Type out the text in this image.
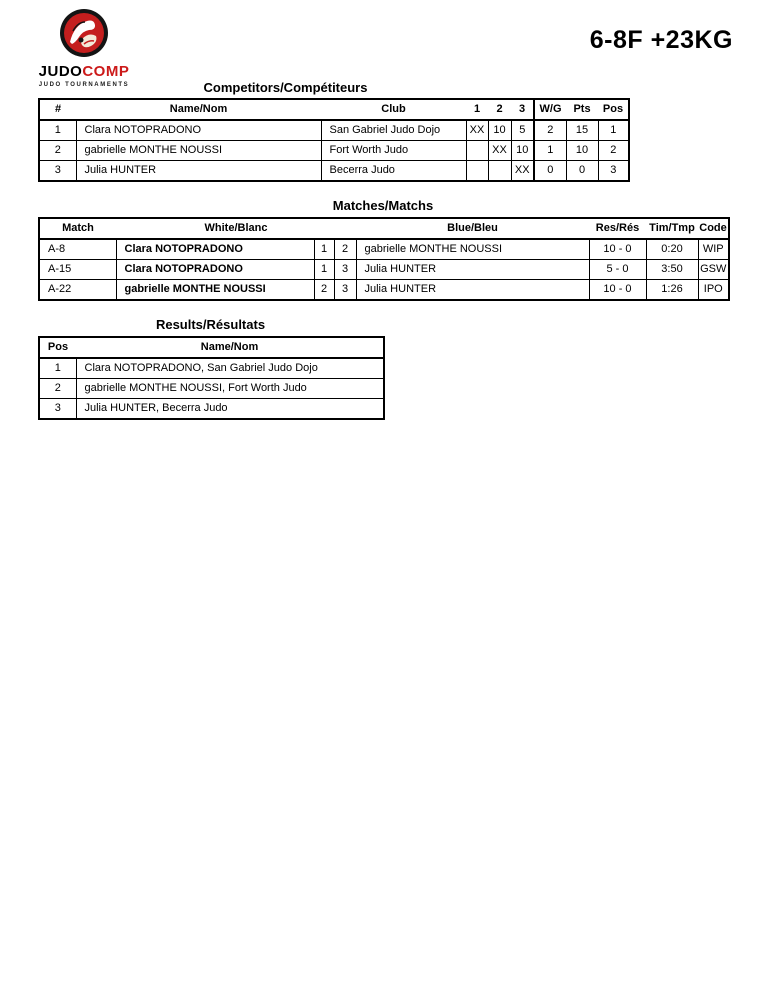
JUDOCOMP
JUDO TOURNAMENTS
6-8F +23KG
Competitors/Compétiteurs
#	Name/Nom	Club	1	2	3	W/G	Pts	Pos
1	Clara NOTOPRADONO	San Gabriel Judo Dojo	XX	10	5	2	15	1
2	gabrielle MONTHE NOUSSI	Fort Worth Judo		XX	10	1	10	2
3	Julia HUNTER	Becerra Judo			XX	0	0	3
Matches/Matchs
Match	White/Blanc			Blue/Bleu	Res/Rés	Tim/Tmp	Code
A-8	Clara NOTOPRADONO	1	2	gabrielle MONTHE NOUSSI	10 - 0	0:20	WIP
A-15	Clara NOTOPRADONO	1	3	Julia HUNTER	5 - 0	3:50	GSW
A-22	gabrielle MONTHE NOUSSI	2	3	Julia HUNTER	10 - 0	1:26	IPO
Results/Résultats
Pos	Name/Nom
1	Clara NOTOPRADONO, San Gabriel Judo Dojo
2	gabrielle MONTHE NOUSSI, Fort Worth Judo
3	Julia HUNTER, Becerra Judo
